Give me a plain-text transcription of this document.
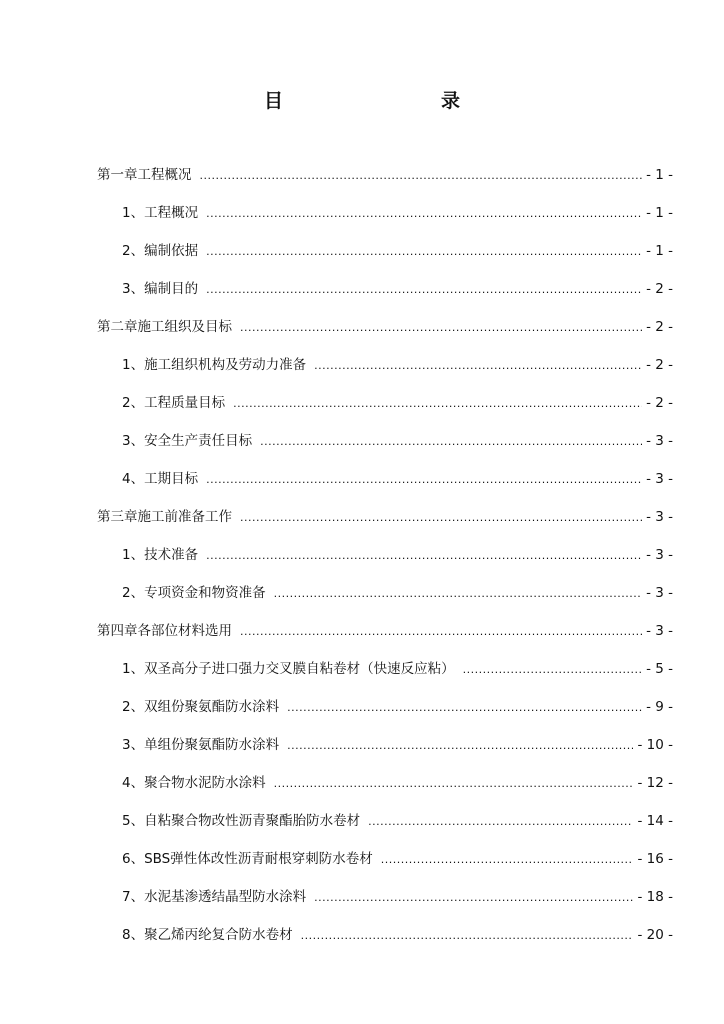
目　　录
第一章 工程概况 .....	- 1 -
1、工程概况 .....	- 1 -
2、编制依据 .....	- 1 -
3、编制目的 .....	- 2 -
第二章 施工组织及目标 .....	- 2 -
1、施工组织机构及劳动力准备 .....	- 2 -
2、工程质量目标 .....	- 2 -
3、安全生产责任目标 .....	- 3 -
4、工期目标 .....	- 3 -
第三章 施工前准备工作 .....	- 3 -
1、技术准备 .....	- 3 -
2、专项资金和物资准备 .....	- 3 -
第四章 各部位材料选用 .....	- 3 -
1、双圣高分子进口强力交叉膜自粘卷材（快速反应粘） .....	- 5 -
2、双组份聚氨酯防水涂料 .....	- 9 -
3、单组份聚氨酯防水涂料 .....	- 10 -
4、聚合物水泥防水涂料 .....	- 12 -
5、自粘聚合物改性沥青聚酯胎防水卷材 .....	- 14 -
6、SBS弹性体改性沥青耐根穿刺防水卷材 .....	- 16 -
7、水泥基渗透结晶型防水涂料 .....	- 18 -
8、聚乙烯丙纶复合防水卷材 .....	- 20 -
